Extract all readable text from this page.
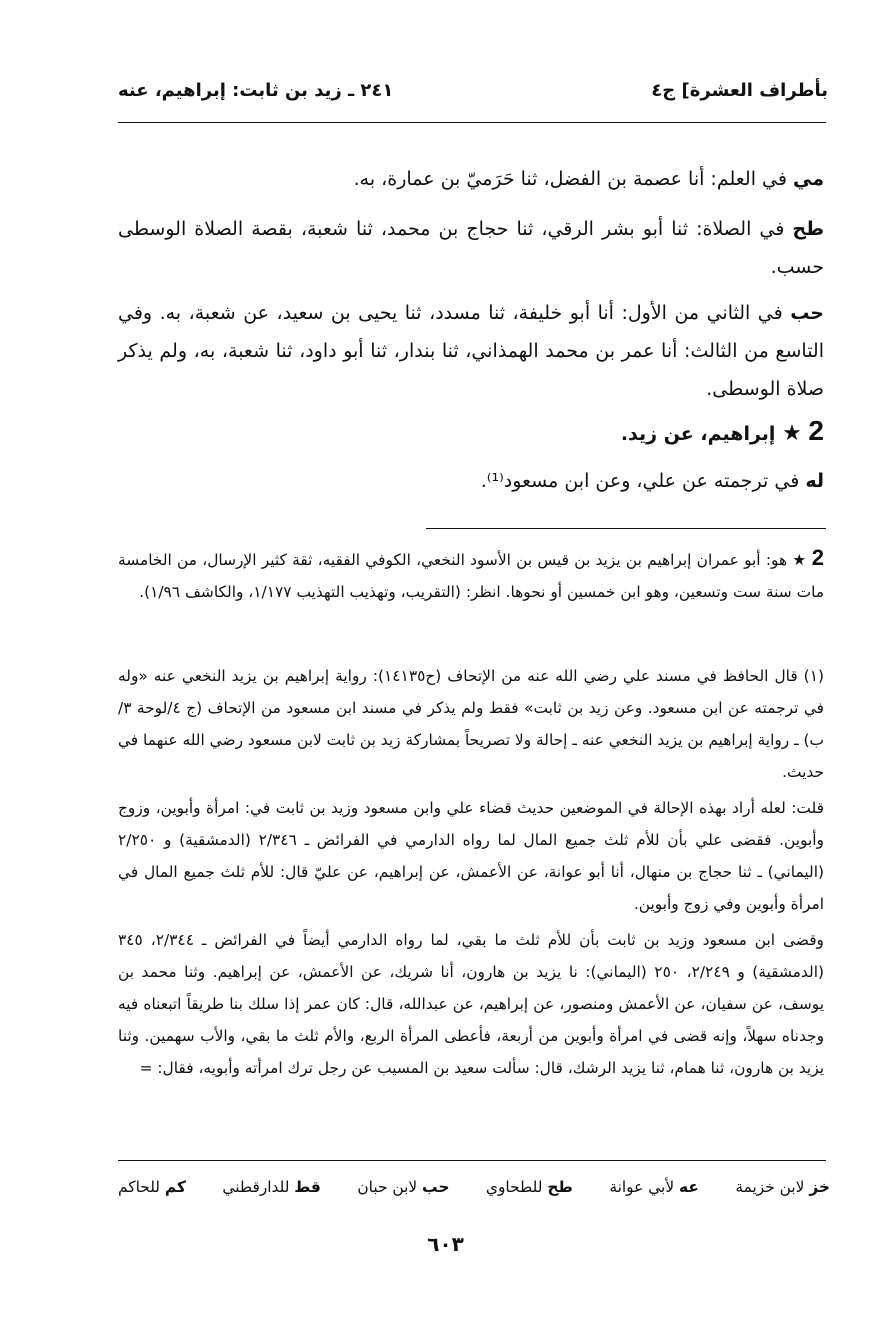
بأطراف العشرة] ج٤
٢٤١ ـ زيد بن ثابت: إبراهيم، عنه
مي في العلم: أنا عصمة بن الفضل، ثنا حَرَميّ بن عمارة، به.
طح في الصلاة: ثنا أبو بشر الرقي، ثنا حجاج بن محمد، ثنا شعبة، بقصة الصلاة الوسطى حسب.
حب في الثاني من الأول: أنا أبو خليفة، ثنا مسدد، ثنا يحيى بن سعيد، عن شعبة، به. وفي التاسع من الثالث: أنا عمر بن محمد الهمذاني، ثنا بندار، ثنا أبو داود، ثنا شعبة، به، ولم يذكر صلاة الوسطى.
2 ★ إبراهيم، عن زيد.
له في ترجمته عن علي، وعن ابن مسعود⁽¹⁾.
2 ★ هو: أبو عمران إبراهيم بن يزيد بن قيس بن الأسود النخعي، الكوفي الفقيه، ثقة كثير الإرسال، من الخامسة مات سنة ست وتسعين، وهو ابن خمسين أو نحوها. انظر: (التقريب، وتهذيب التهذيب ١/١٧٧، والكاشف ١/٩٦).
(١) قال الحافظ في مسند علي رضي الله عنه من الإتحاف (ح١٤١٣٥): رواية إبراهيم بن يزيد النخعي عنه «وله في ترجمته عن ابن مسعود. وعن زيد بن ثابت» فقط ولم يذكر في مسند ابن مسعود من الإتحاف (ج ٤/لوحة ٣/ب) ـ رواية إبراهيم بن يزيد النخعي عنه ـ إحالة ولا تصريحاً بمشاركة زيد بن ثابت لابن مسعود رضي الله عنهما في حديث.
قلت: لعله أراد بهذه الإحالة في الموضعين حديث قضاء علي وابن مسعود وزيد بن ثابت في: امرأة وأبوين، وزوج وأبوين. فقضى علي بأن للأم ثلث جميع المال لما رواه الدارمي في الفرائض ـ ٢/٣٤٦ (الدمشقية) و ٢/٢٥٠ (اليماني) ـ ثنا حجاج بن منهال، أنا أبو عوانة، عن الأعمش، عن إبراهيم، عن عليّ قال: للأم ثلث جميع المال في امرأة وأبوين وفي زوج وأبوين.
وقضى ابن مسعود وزيد بن ثابت بأن للأم ثلث ما بقي، لما رواه الدارمي أيضاً في الفرائض ـ ٢/٣٤٤، ٣٤٥ (الدمشقية) و ٢/٢٤٩، ٢٥٠ (اليماني): نا يزيد بن هارون، أنا شريك، عن الأعمش، عن إبراهيم. وثنا محمد بن يوسف، عن سفيان، عن الأعمش ومنصور، عن إبراهيم، عن عبدالله، قال: كان عمر إذا سلك بنا طريقاً اتبعناه فيه وجدناه سهلاً، وإنه قضى في امرأة وأبوين من أربعة، فأعطى المرأة الربع، والأم ثلث ما بقي، والأب سهمين. وثنا يزيد بن هارون، ثنا همام، ثنا يزيد الرشك، قال: سألت سعيد بن المسيب عن رجل ترك امرأته وأبويه، فقال: =
خز لابن خزيمة
عه لأبي عوانة
طح للطحاوي
حب لابن حبان
قط للدارقطني
كم للحاكم
٦٠٣
